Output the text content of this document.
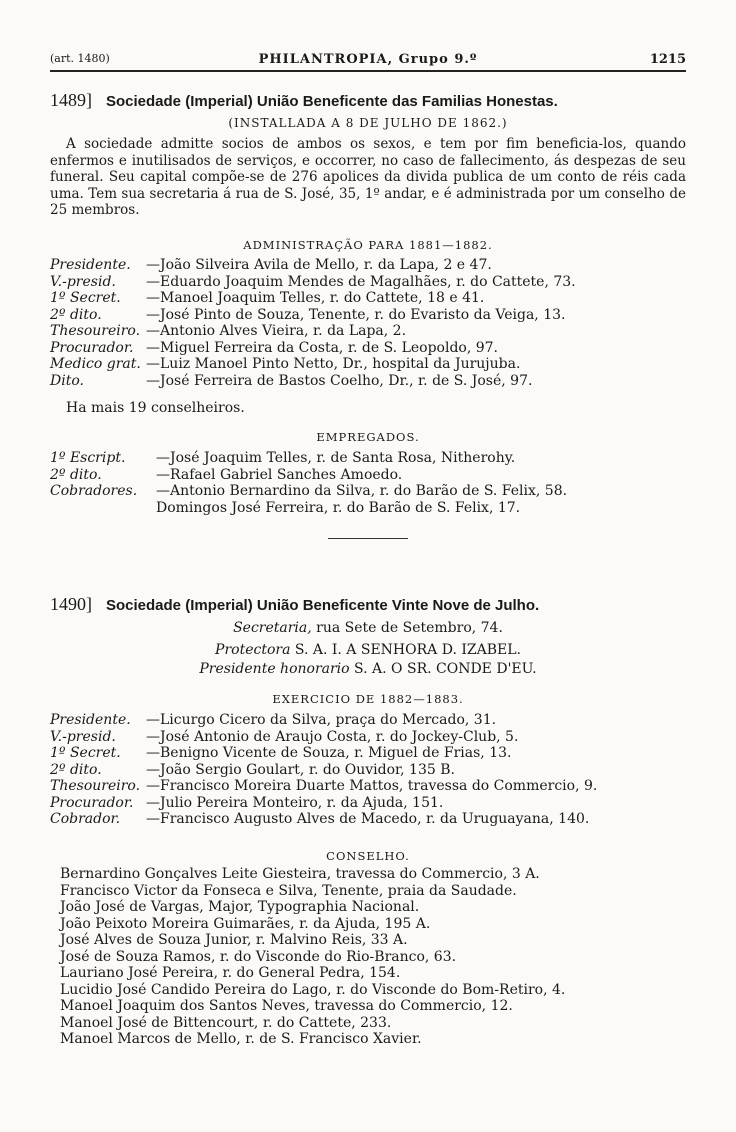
(art. 1480)	PHILANTROPIA, Grupo 9.º	1215
1489] Sociedade (Imperial) União Beneficente das Familias Honestas.
(INSTALLADA A 8 DE JULHO DE 1862.)

A sociedade admitte socios de ambos os sexos, e tem por fim beneficia-los, quando enfermos e inutilisados de serviços, e occorrer, no caso de fallecimento, ás despezas de seu funeral. Seu capital compõe-se de 276 apolices da divida publica de um conto de réis cada uma. Tem sua secretaria á rua de S. José, 35, 1º andar, e é administrada por um conselho de 25 membros.

ADMINISTRAÇÃO PARA 1881—1882.
Presidente.	—João Silveira Avila de Mello, r. da Lapa, 2 e 47.
V.-presid.	—Eduardo Joaquim Mendes de Magalhães, r. do Cattete, 73.
1º Secret.	—Manoel Joaquim Telles, r. do Cattete, 18 e 41.
2º dito.	—José Pinto de Souza, Tenente, r. do Evaristo da Veiga, 13.
Thesoureiro. —Antonio Alves Vieira, r. da Lapa, 2.
Procurador. —Miguel Ferreira da Costa, r. de S. Leopoldo, 97.
Medico grat. —Luiz Manoel Pinto Netto, Dr., hospital da Jurujuba.
Dito.	—José Ferreira de Bastos Coelho, Dr., r. de S. José, 97.
Ha mais 19 conselheiros.
EMPREGADOS.
1º Escript.	—José Joaquim Telles, r. de Santa Rosa, Nitherohy.
2º dito.	—Rafael Gabriel Sanches Amoedo.
Cobradores.	—Antonio Bernardino da Silva, r. do Barão de S. Felix, 58.
Domingos José Ferreira, r. do Barão de S. Felix, 17.
1490] Sociedade (Imperial) União Beneficente Vinte Nove de Julho.
Secretaria, rua Sete de Setembro, 74.
Protectora S. A. I. A SENHORA D. IZABEL.
Presidente honorario S. A. O SR. CONDE D'EU.
EXERCICIO DE 1882—1883.
Presidente.	—Licurgo Cicero da Silva, praça do Mercado, 31.
V.-presid.	—José Antonio de Araujo Costa, r. do Jockey-Club, 5.
1º Secret.	—Benigno Vicente de Souza, r. Miguel de Frias, 13.
2º dito.	—João Sergio Goulart, r. do Ouvidor, 135 B.
Thesoureiro. —Francisco Moreira Duarte Mattos, travessa do Commercio, 9.
Procurador. —Julio Pereira Monteiro, r. da Ajuda, 151.
Cobrador.	—Francisco Augusto Alves de Macedo, r. da Uruguayana, 140.
CONSELHO.
Bernardino Gonçalves Leite Giesteira, travessa do Commercio, 3 A.
Francisco Victor da Fonseca e Silva, Tenente, praia da Saudade.
João José de Vargas, Major, Typographia Nacional.
João Peixoto Moreira Guimarães, r. da Ajuda, 195 A.
José Alves de Souza Junior, r. Malvino Reis, 33 A.
José de Souza Ramos, r. do Visconde do Rio-Branco, 63.
Lauriano José Pereira, r. do General Pedra, 154.
Lucidio José Candido Pereira do Lago, r. do Visconde do Bom-Retiro, 4.
Manoel Joaquim dos Santos Neves, travessa do Commercio, 12.
Manoel José de Bittencourt, r. do Cattete, 233.
Manoel Marcos de Mello, r. de S. Francisco Xavier.
